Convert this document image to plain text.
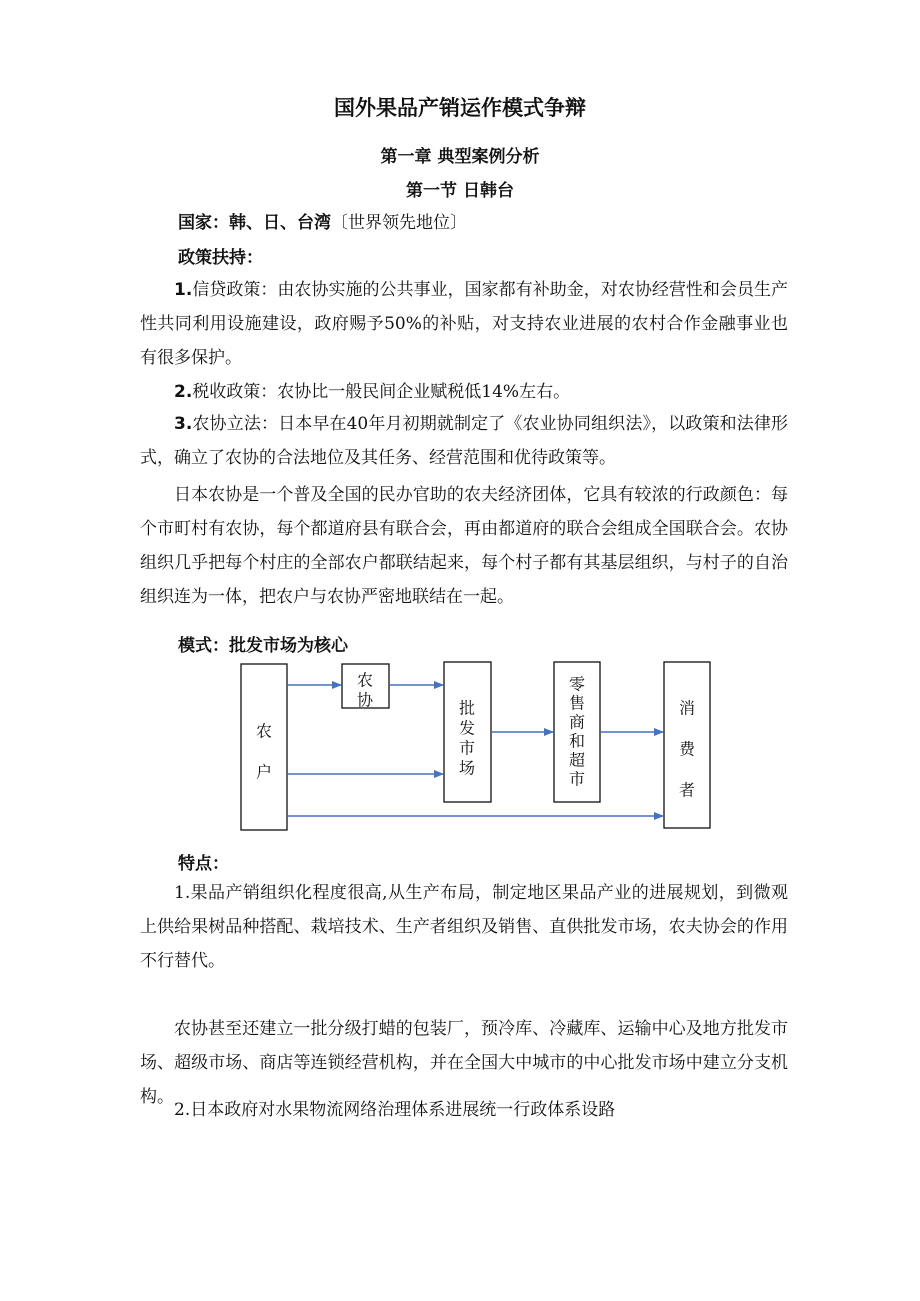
国外果品产销运作模式争辩
第一章 典型案例分析
第一节 日韩台
国家：韩、日、台湾〔世界领先地位〕
政策扶持：

1.信贷政策：由农协实施的公共事业，国家都有补助金，对农协经营性和会员生产性共同利用设施建设，政府赐予50%的补贴，对支持农业进展的农村合作金融事业也有很多保护。

2.税收政策：农协比一般民间企业赋税低14%左右。

3.农协立法：日本早在40年月初期就制定了《农业协同组织法》，以政策和法律形式，确立了农协的合法地位及其任务、经营范围和优待政策等。

日本农协是一个普及全国的民办官助的农夫经济团体，它具有较浓的行政颜色：每个市町村有农协，每个都道府县有联合会，再由都道府的联合会组成全国联合会。农协组织几乎把每个村庄的全部农户都联结起来，每个村子都有其基层组织，与村子的自治组织连为一体，把农户与农协严密地联结在一起。

模式：批发市场为核心
农
户
农
协	批
发
市
场
零
售
商
和
超
市
消
费
者
特点：

1.果品产销组织化程度很高,从生产布局，制定地区果品产业的进展规划，到微观上供给果树品种搭配、栽培技术、生产者组织及销售、直供批发市场，农夫协会的作用不行替代。

农协甚至还建立一批分级打蜡的包装厂，预冷库、冷藏库、运输中心及地方批发市场、超级市场、商店等连锁经营机构，并在全国大中城市的中心批发市场中建立分支机构。

2.日本政府对水果物流网络治理体系进展统一行政体系设路
